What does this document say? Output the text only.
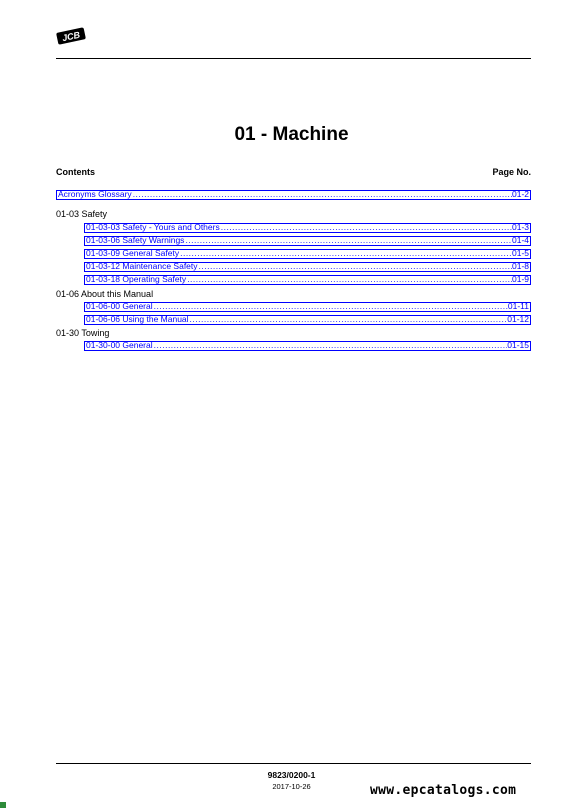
JCB
01 - Machine
Contents	Page No.
Acronyms Glossary .....	01-2
01-03 Safety
01-03-03 Safety - Yours and Others .....	01-3
01-03-06 Safety Warnings .....	01-4
01-03-09 General Safety .....	01-5
01-03-12 Maintenance Safety .....	01-8
01-03-18 Operating Safety .....	01-9
01-06 About this Manual
01-06-00 General .....	01-11
01-06-06 Using the Manual .....	01-12
01-30 Towing
01-30-00 General .....	01-15
9823/0200-1
2017-10-26	www.epcatalogs.com
